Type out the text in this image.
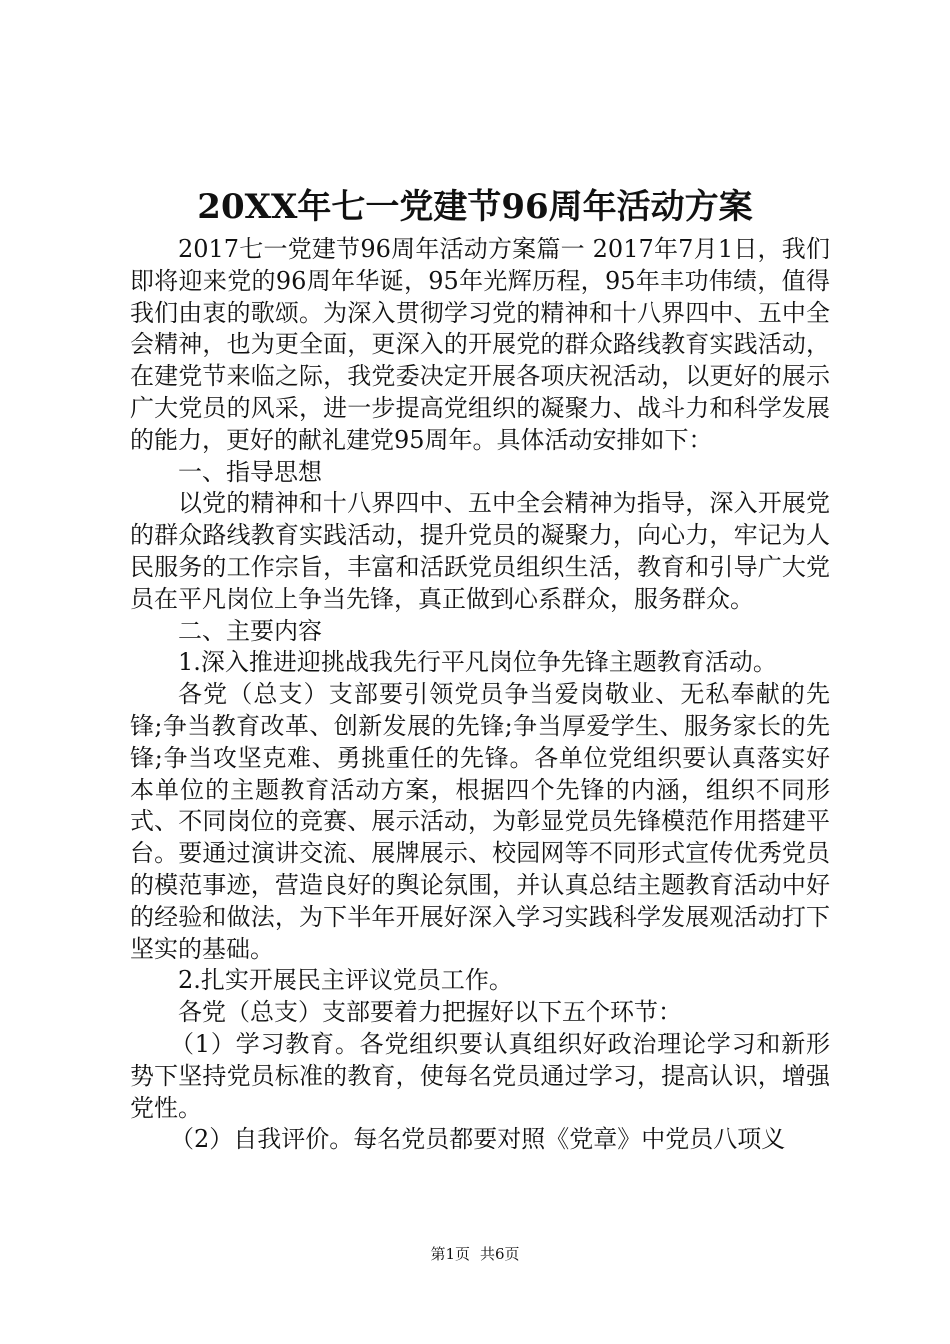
20XX年七一党建节96周年活动方案

2017七一党建节96周年活动方案篇一 2017年7月1日，我们即将迎来党的96周年华诞，95年光辉历程，95年丰功伟绩，值得我们由衷的歌颂。为深入贯彻学习党的精神和十八界四中、五中全会精神，也为更全面，更深入的开展党的群众路线教育实践活动，在建党节来临之际，我党委决定开展各项庆祝活动，以更好的展示广大党员的风采，进一步提高党组织的凝聚力、战斗力和科学发展的能力，更好的献礼建党95周年。具体活动安排如下：

一、指导思想

以党的精神和十八界四中、五中全会精神为指导，深入开展党的群众路线教育实践活动，提升党员的凝聚力，向心力，牢记为人民服务的工作宗旨，丰富和活跃党员组织生活，教育和引导广大党员在平凡岗位上争当先锋，真正做到心系群众，服务群众。

二、主要内容

1.深入推进迎挑战我先行平凡岗位争先锋主题教育活动。

各党（总支）支部要引领党员争当爱岗敬业、无私奉献的先锋;争当教育改革、创新发展的先锋;争当厚爱学生、服务家长的先锋;争当攻坚克难、勇挑重任的先锋。各单位党组织要认真落实好本单位的主题教育活动方案，根据四个先锋的内涵，组织不同形式、不同岗位的竞赛、展示活动，为彰显党员先锋模范作用搭建平台。要通过演讲交流、展牌展示、校园网等不同形式宣传优秀党员的模范事迹，营造良好的舆论氛围，并认真总结主题教育活动中好的经验和做法，为下半年开展好深入学习实践科学发展观活动打下坚实的基础。

2.扎实开展民主评议党员工作。

各党（总支）支部要着力把握好以下五个环节：

（1）学习教育。各党组织要认真组织好政治理论学习和新形势下坚持党员标准的教育，使每名党员通过学习，提高认识，增强党性。

（2）自我评价。每名党员都要对照《党章》中党员八项义

第1页 共6页
